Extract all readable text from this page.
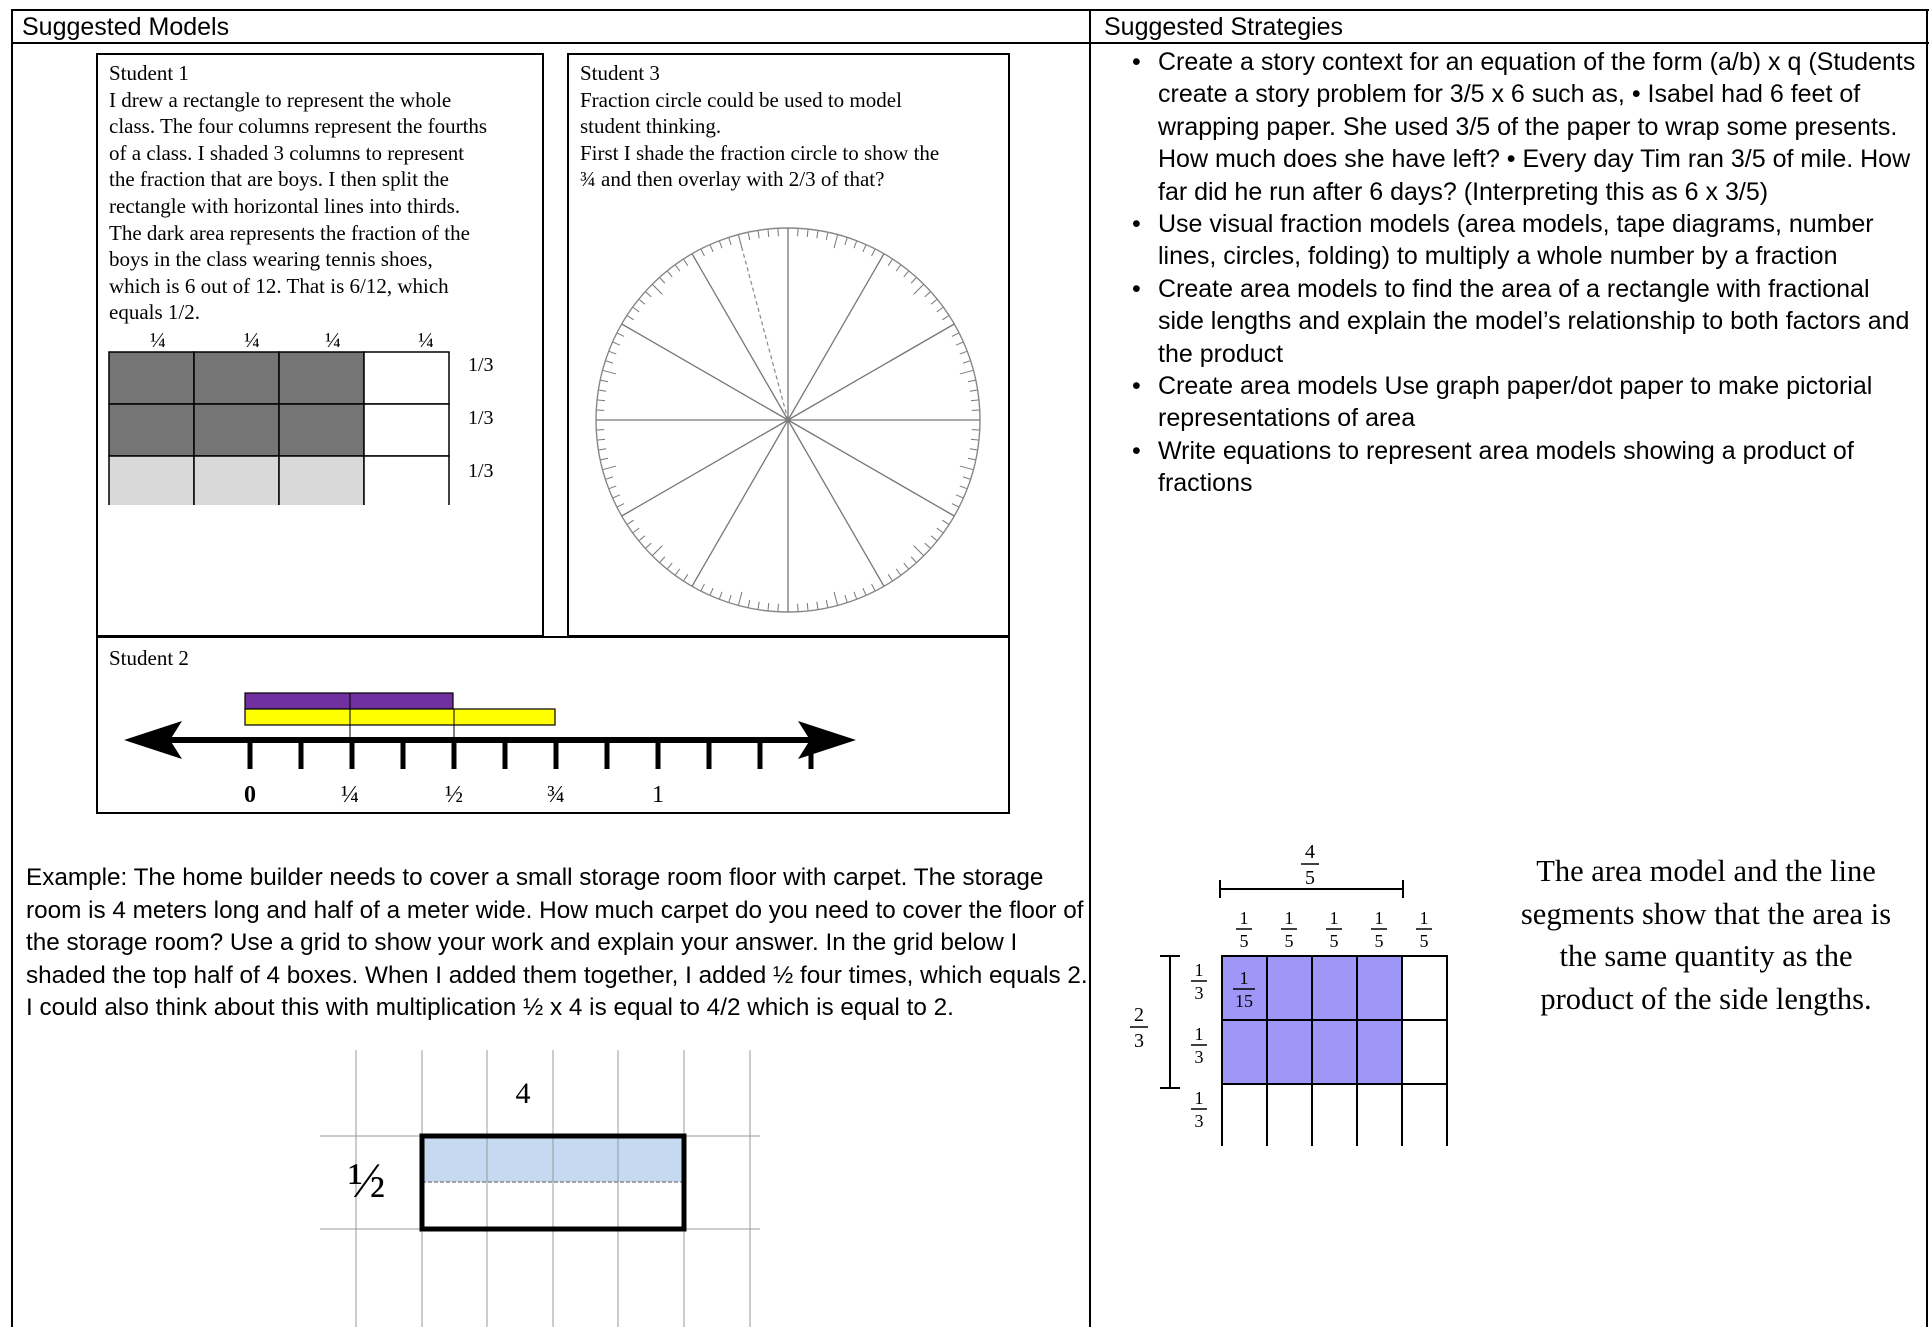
Suggested Models	Suggested Strategies

Student 1

I drew a rectangle to represent the whole

class. The four columns represent the fourths

of a class. I shaded 3 columns to represent

the fraction that are boys. I then split the

rectangle with horizontal lines into thirds.

The dark area represents the fraction of the

boys in the class wearing tennis shoes,

which is 6 out of 12. That is 6/12, which

equals 1/2.

Student 3

Fraction circle could be used to model

student thinking.

First I shade the fraction circle to show the

¾ and then overlay with 2/3 of that?

Student 2
¼	¼	¼	¼
1/3
1/3
1/3
0	¼	½	¾	1
• Create a story context for an equation of the form (a/b) x q (Students create a story problem for 3/5 x 6 such as, • Isabel had 6 feet of wrapping paper. She used 3/5 of the paper to wrap some presents. How much does she have left? • Every day Tim ran 3/5 of mile. How far did he run after 6 days? (Interpreting this as 6 x 3/5)
• Use visual fraction models (area models, tape diagrams, number lines, circles, folding) to multiply a whole number by a fraction
• Create area models to find the area of a rectangle with fractional side lengths and explain the model’s relationship to both factors and the product
• Create area models Use graph paper/dot paper to make pictorial representations of area
• Write equations to represent area models showing a product of fractions
Example: The home builder needs to cover a small storage room floor with carpet. The storage room is 4 meters long and half of a meter wide. How much carpet do you need to cover the floor of the storage room? Use a grid to show your work and explain your answer. In the grid below I shaded the top half of 4 boxes. When I added them together, I added ½ four times, which equals 2. I could also think about this with multiplication ½ x 4 is equal to 4/2 which is equal to 2.
4
½
4
5
1
5
1
5
1
5
1
5
1
5
2
3
1
3
1
3
1
3
1
15
The area model and the line segments show that the area is the same quantity as the product of the side lengths.
